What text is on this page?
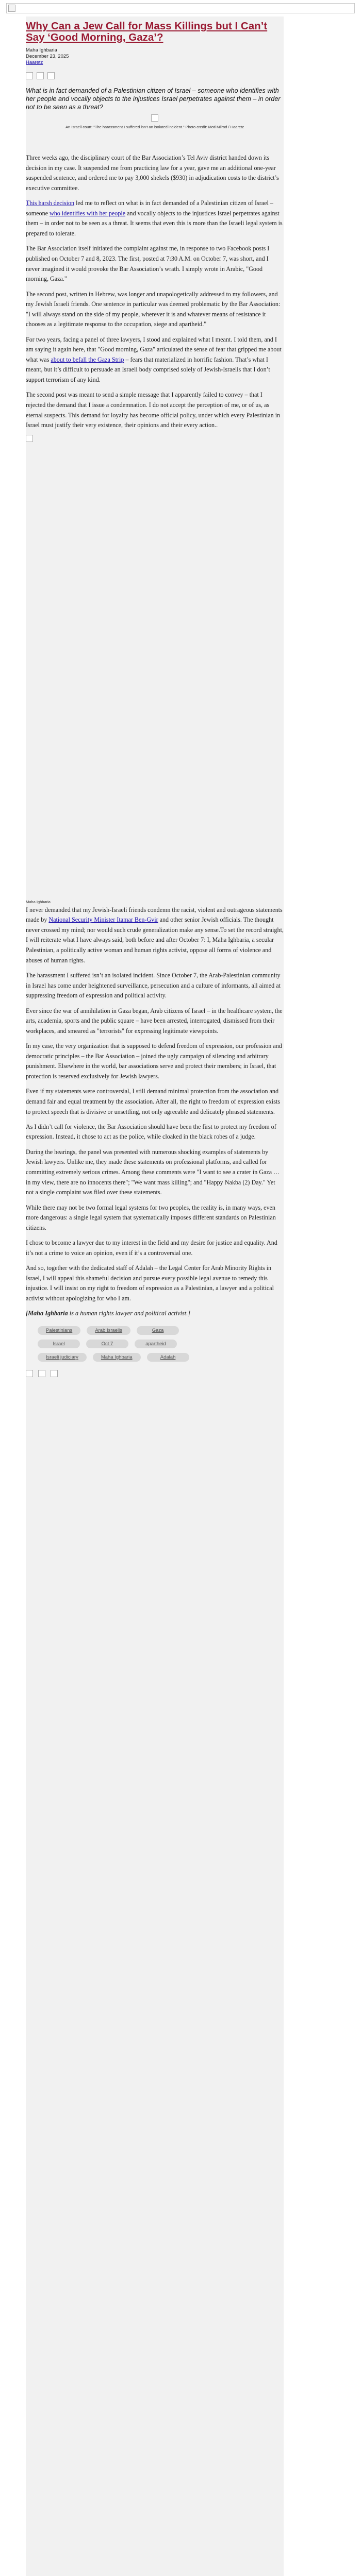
Why Can a Jew Call for Mass Killings but I Can’t Say ‘Good Morning, Gaza’?
Maha Ighbaria
December 23, 2025
Haaretz

What is in fact demanded of a Palestinian citizen of Israel – someone who identifies with her people and vocally objects to the injustices Israel perpetrates against them – in order not to be seen as a threat?

An Israeli court: "The harassment I suffered isn't an isolated incident." Photo credit: Moti Milrod / Haaretz

Three weeks ago, the disciplinary court of the Bar Association’s Tel Aviv district handed down its decision in my case. It suspended me from practicing law for a year, gave me an additional one-year suspended sentence, and ordered me to pay 3,000 shekels ($930) in adjudication costs to the district’s executive committee.

This harsh decision led me to reflect on what is in fact demanded of a Palestinian citizen of Israel – someone who identifies with her people and vocally objects to the injustices Israel perpetrates against them – in order not to be seen as a threat. It seems that even this is more than the Israeli legal system is prepared to tolerate.

The Bar Association itself initiated the complaint against me, in response to two Facebook posts I published on October 7 and 8, 2023. The first, posted at 7:30 A.M. on October 7, was short, and I never imagined it would provoke the Bar Association’s wrath. I simply wrote in Arabic, "Good morning, Gaza."

The second post, written in Hebrew, was longer and unapologetically addressed to my followers, and my Jewish Israeli friends. One sentence in particular was deemed problematic by the Bar Association: "I will always stand on the side of my people, wherever it is and whatever means of resistance it chooses as a legitimate response to the occupation, siege and apartheid."

For two years, facing a panel of three lawyers, I stood and explained what I meant. I told them, and I am saying it again here, that "Good morning, Gaza" articulated the sense of fear that gripped me about what was about to befall the Gaza Strip – fears that materialized in horrific fashion. That’s what I meant, but it’s difficult to persuade an Israeli body comprised solely of Jewish-Israelis that I don’t support terrorism of any kind.

The second post was meant to send a simple message that I apparently failed to convey – that I rejected the demand that I issue a condemnation. I do not accept the perception of me, or of us, as eternal suspects. This demand for loyalty has become official policy, under which every Palestinian in Israel must justify their very existence, their opinions and their every action..

Maha Ighbaria

I never demanded that my Jewish-Israeli friends condemn the racist, violent and outrageous statements made by National Security Minister Itamar Ben-Gvir and other senior Jewish officials. The thought never crossed my mind; nor would such crude generalization make any sense.To set the record straight, I will reiterate what I have always said, both before and after October 7: I, Maha Ighbaria, a secular Palestinian, a politically active woman and human rights activist, oppose all forms of violence and abuses of human rights.

The harassment I suffered isn’t an isolated incident. Since October 7, the Arab-Palestinian community in Israel has come under heightened surveillance, persecution and a culture of informants, all aimed at suppressing freedom of expression and political activity.

Ever since the war of annihilation in Gaza began, Arab citizens of Israel – in the healthcare system, the arts, academia, sports and the public square – have been arrested, interrogated, dismissed from their workplaces, and smeared as "terrorists" for expressing legitimate viewpoints.

In my case, the very organization that is supposed to defend freedom of expression, our profession and democratic principles – the Bar Association – joined the ugly campaign of silencing and arbitrary punishment. Elsewhere in the world, bar associations serve and protect their members; in Israel, that protection is reserved exclusively for Jewish lawyers.

Even if my statements were controversial, I still demand minimal protection from the association and demand fair and equal treatment by the association. After all, the right to freedom of expression exists to protect speech that is divisive or unsettling, not only agreeable and delicately phrased statements.

As I didn’t call for violence, the Bar Association should have been the first to protect my freedom of expression. Instead, it chose to act as the police, while cloaked in the black robes of a judge.

During the hearings, the panel was presented with numerous shocking examples of statements by Jewish lawyers. Unlike me, they made these statements on professional platforms, and called for committing extremely serious crimes. Among these comments were "I want to see a crater in Gaza … in my view, there are no innocents there"; "We want mass killing"; and "Happy Nakba (2) Day." Yet not a single complaint was filed over these statements.

While there may not be two formal legal systems for two peoples, the reality is, in many ways, even more dangerous: a single legal system that systematically imposes different standards on Palestinian citizens.

I chose to become a lawyer due to my interest in the field and my desire for justice and equality. And it’s not a crime to voice an opinion, even if it’s a controversial one.

And so, together with the dedicated staff of Adalah – the Legal Center for Arab Minority Rights in Israel, I will appeal this shameful decision and pursue every possible legal avenue to remedy this injustice. I will insist on my right to freedom of expression as a Palestinian, a lawyer and a political activist without apologizing for who I am.

[Maha Ighbaria is a human rights lawyer and political activist.]

Palestinians	Arab Israelis	Gaza
Israel	Oct 7	apartheid
Israeli judiciary	Maha Ighbaria	Adalah
